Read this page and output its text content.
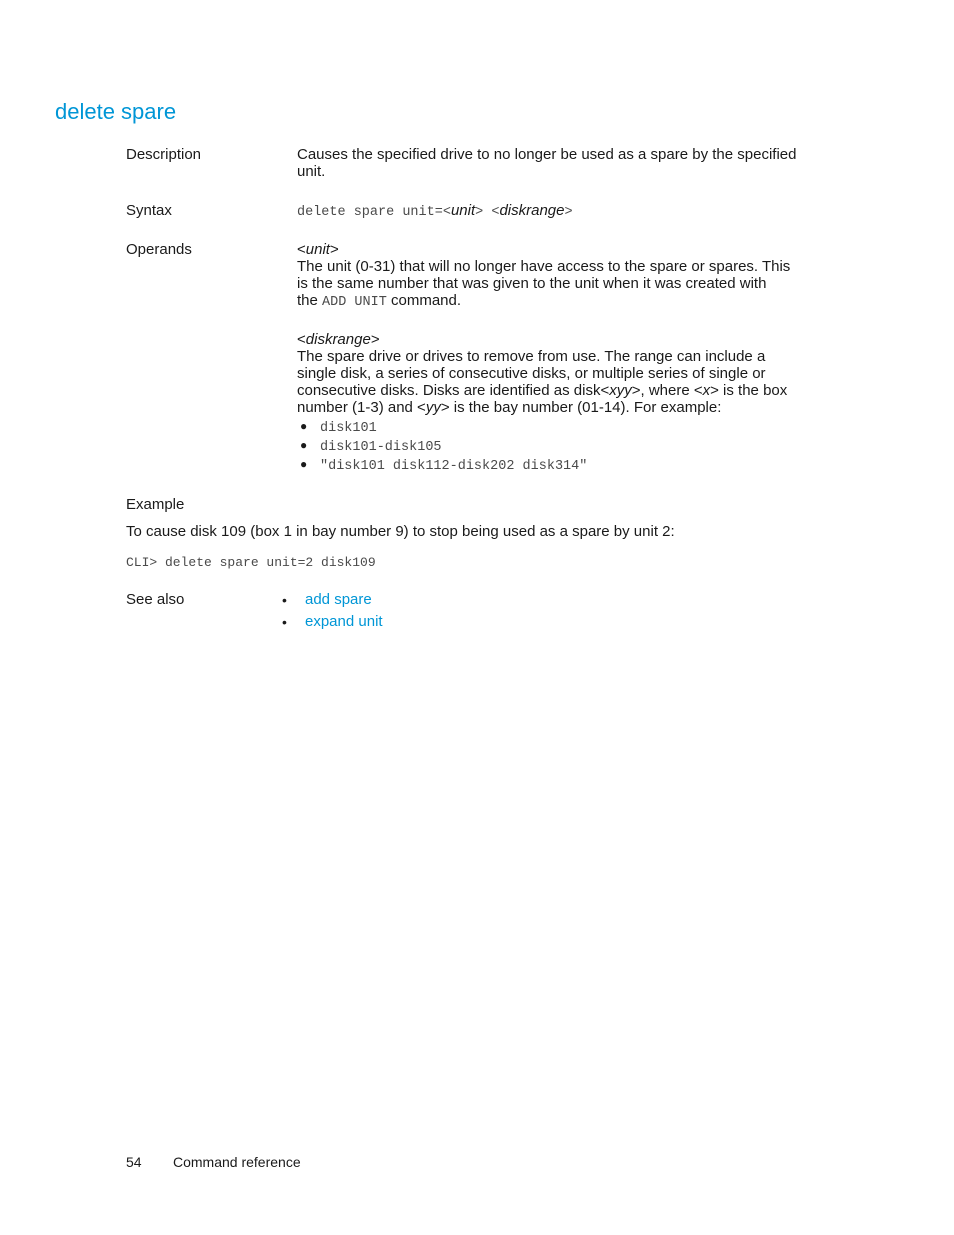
delete spare
Description	Causes the specified drive to no longer be used as a spare by the specified
unit.
Syntax	delete spare unit=<unit> <diskrange>
Operands	<unit>
The unit (0-31) that will no longer have access to the spare or spares. This
is the same number that was given to the unit when it was created with
the ADD UNIT command.
<diskrange>
The spare drive or drives to remove from use. The range can include a
single disk, a series of consecutive disks, or multiple series of single or
consecutive disks. Disks are identified as disk<xyy>, where <x> is the box
number (1-3) and <yy> is the bay number (01-14). For example:
● disk101
● disk101-disk105
● "disk101 disk112-disk202 disk314"
Example
To cause disk 109 (box 1 in bay number 9) to stop being used as a spare by unit 2:
CLI> delete spare unit=2 disk109
See also	• add spare
• expand unit
54 Command reference
